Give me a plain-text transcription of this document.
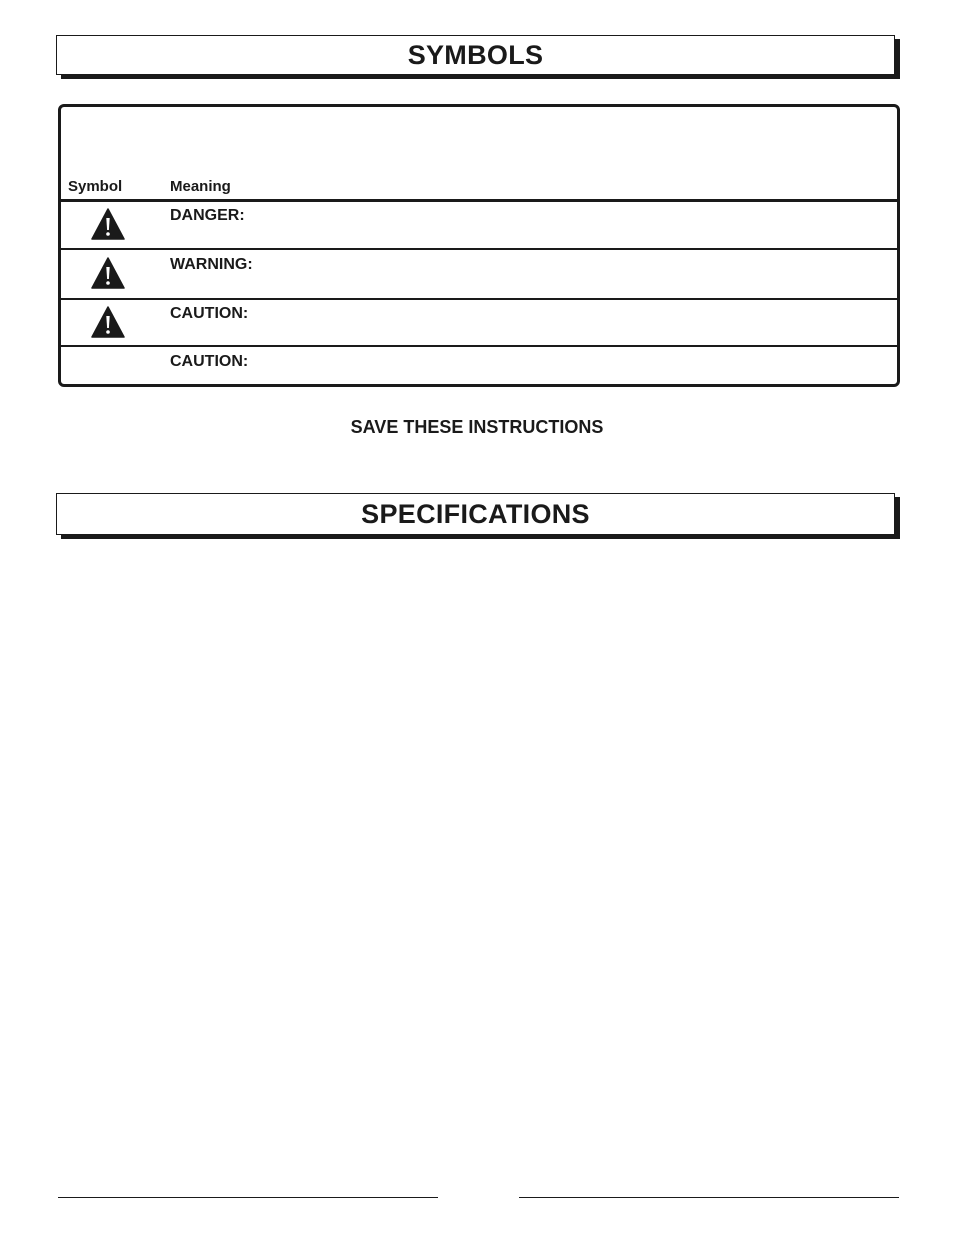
SYMBOLS
Symbol	Meaning
DANGER:
WARNING:
CAUTION:
CAUTION:
SAVE THESE INSTRUCTIONS
SPECIFICATIONS
